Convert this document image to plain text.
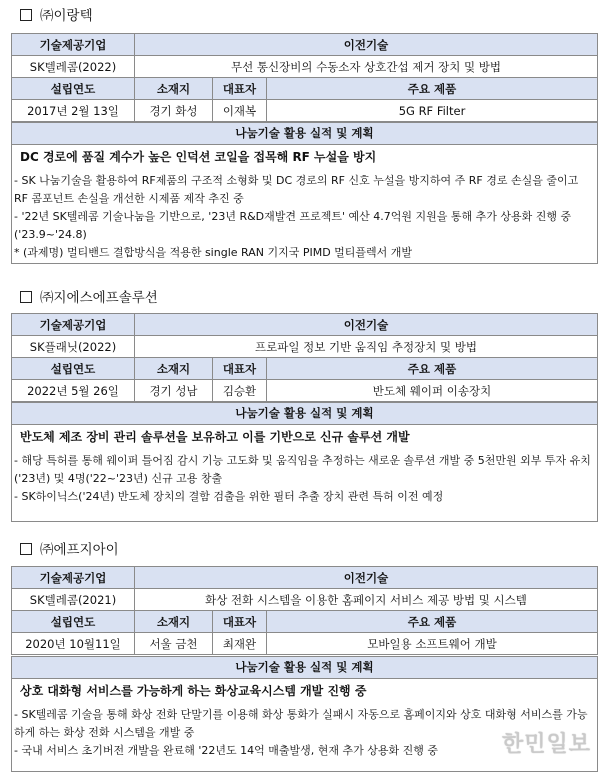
㈜이랑텍
기술제공기업	이전기술		
SK텔레콤(2022)	무선 통신장비의 수동소자 상호간섭 제거 장치 및 방법		
설립연도	소재지	대표자	주요 제품
2017년 2월 13일	경기 화성	이재복	5G RF Filter
나눔기술 활용 실적 및 계획
DC 경로에 품질 계수가 높은 인덕션 코일을 접목해 RF 누설을 방지
- SK 나눔기술을 활용하여 RF제품의 구조적 소형화 및 DC 경로의 RF 신호 누설을 방지하여 주 RF 경로 손실을 줄이고 RF 콤포넌트 손실을 개선한 시제품 제작 추진 중
- '22년 SK텔레콤 기술나눔을 기반으로, '23년 R&D재발견 프로젝트' 예산 4.7억원 지원을 통해 추가 상용화 진행 중('23.9~'24.8)
* (과제명) 멀티밴드 결합방식을 적용한 single RAN 기지국 PIMD 멀티플렉서 개발
㈜지에스에프솔루션
기술제공기업	이전기술		
SK플래닛(2022)	프로파일 정보 기반 움직임 추정장치 및 방법		
설립연도	소재지	대표자	주요 제품
2022년 5월 26일	경기 성남	김승환	반도체 웨이퍼 이송장치
나눔기술 활용 실적 및 계획
반도체 제조 장비 관리 솔루션을 보유하고 이를 기반으로 신규 솔루션 개발
- 해당 특허를 통해 웨이퍼 틀어짐 감시 기능 고도화 및 움직임을 추정하는 새로운 솔루션 개발 중 5천만원 외부 투자 유치('23년) 및 4명('22~'23년) 신규 고용 창출
- SK하이닉스('24년) 반도체 장치의 결함 검출을 위한 필터 추출 장치 관련 특허 이전 예정
㈜에프지아이
기술제공기업	이전기술		
SK텔레콤(2021)	화상 전화 시스템을 이용한 홈페이지 서비스 제공 방법 및 시스템		
설립연도	소재지	대표자	주요 제품
2020년 10월11일	서울 금천	최재완	모바일용 소프트웨어 개발
나눔기술 활용 실적 및 계획
상호 대화형 서비스를 가능하게 하는 화상교육시스템 개발 진행 중
- SK텔레콤 기술을 통해 화상 전화 단말기를 이용해 화상 통화가 실패시 자동으로 홈페이지와 상호 대화형 서비스를 가능하게 하는 화상 전화 시스템을 개발 중
- 국내 서비스 초기버전 개발을 완료해 '22년도 14억 매출발생, 현재 추가 상용화 진행 중	한민일보
